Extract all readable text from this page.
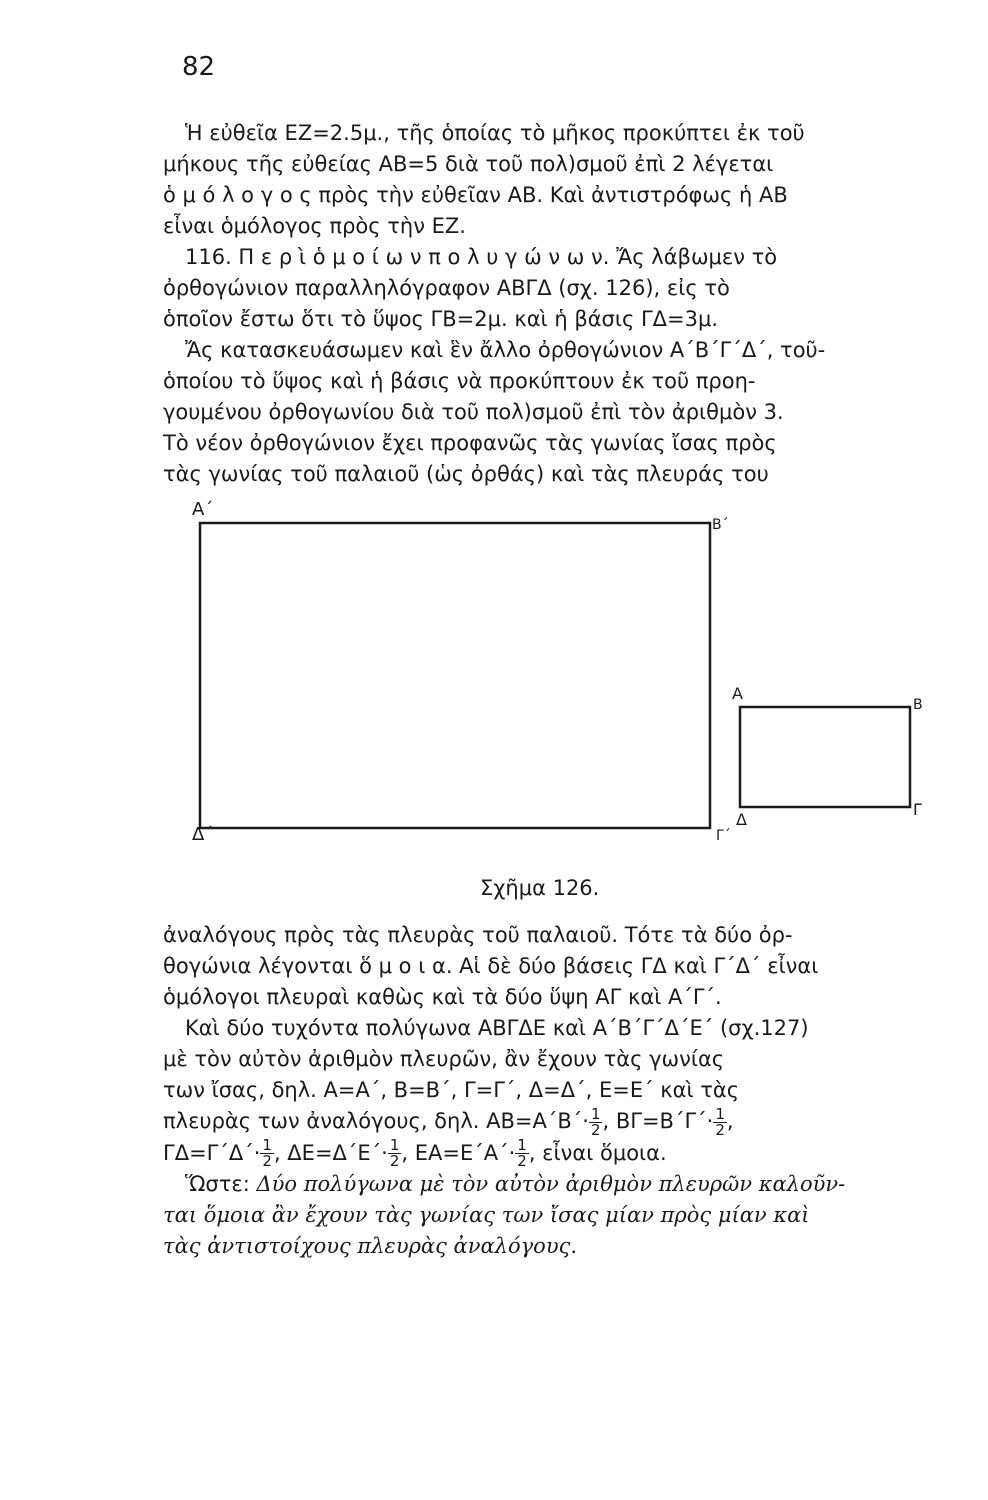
82

Ἡ εὐθεῖα ΕΖ=2.5μ., τῆς ὁποίας τὸ μῆκος προκύπτει ἐκ τοῦ

μήκους τῆς εὐθείας ΑΒ=5 διὰ τοῦ πολ)σμοῦ ἐπὶ 2 λέγεται

ὁ μ ό λ ο γ ο ς πρὸς τὴν εὐθεῖαν ΑΒ. Καὶ ἀντιστρόφως ἡ ΑΒ

εἶναι ὁμόλογος πρὸς τὴν ΕΖ.

116. Π ε ρ ὶ ὁ μ ο ί ω ν π ο λ υ γ ώ ν ω ν. Ἄς λάβωμεν τὸ

ὀρθογώνιον παραλληλόγραφον ΑΒΓΔ (σχ. 126), εἰς τὸ

ὁποῖον ἔστω ὅτι τὸ ὕψος ΓΒ=2μ. καὶ ἡ βάσις ΓΔ=3μ.

Ἄς κατασκευάσωμεν καὶ ἓν ἄλλο ὀρθογώνιον Α΄Β΄Γ΄Δ΄, τοῦ-

ὁποίου τὸ ὕψος καὶ ἡ βάσις νὰ προκύπτουν ἐκ τοῦ προη-

γουμένου ὀρθογωνίου διὰ τοῦ πολ)σμοῦ ἐπὶ τὸν ἀριθμὸν 3.

Τὸ νέον ὀρθογώνιον ἔχει προφανῶς τὰς γωνίας ἴσας πρὸς

τὰς γωνίας τοῦ παλαιοῦ (ὡς ὀρθάς) καὶ τὰς πλευράς του

Α΄
Β΄
Δ΄	Γ΄
Α
Β
Δ
Γ
Σχῆμα 126.

ἀναλόγους πρὸς τὰς πλευρὰς τοῦ παλαιοῦ. Τότε τὰ δύο ὀρ-

θογώνια λέγονται ὅ μ ο ι α. Αἱ δὲ δύο βάσεις ΓΔ καὶ Γ΄Δ΄ εἶναι

ὁμόλογοι πλευραὶ καθὼς καὶ τὰ δύο ὕψη ΑΓ καὶ Α΄Γ΄.

Καὶ δύο τυχόντα πολύγωνα ΑΒΓΔΕ καὶ Α΄Β΄Γ΄Δ΄Ε΄ (σχ.127)

μὲ τὸν αὐτὸν ἀριθμὸν πλευρῶν, ἂν ἔχουν τὰς γωνίας

των ἴσας, δηλ. Α=Α΄, Β=Β΄, Γ=Γ΄, Δ=Δ΄, Ε=Ε΄ καὶ τὰς

πλευρὰς των ἀναλόγους, δηλ. $AB=A΄B΄\cdot \frac{1}{2}$ , $B\Gamma=B΄\Gamma΄\cdot \frac{1}{2}$ ,

$\Gamma\Delta=\Gamma΄\Delta΄\cdot \frac{1}{2}$ , $\Delta E=\Delta΄E΄\cdot \frac{1}{2}$ , $EA=E΄A΄\cdot \frac{1}{2}$ , εἶναι ὅμοια.

Ὥστε: Δύο πολύγωνα μὲ τὸν αὐτὸν ἀριθμὸν πλευρῶν καλοῦν-

ται ὅμοια ἂν ἔχουν τὰς γωνίας των ἴσας μίαν πρὸς μίαν καὶ

τὰς ἀντιστοίχους πλευρὰς ἀναλόγους.
